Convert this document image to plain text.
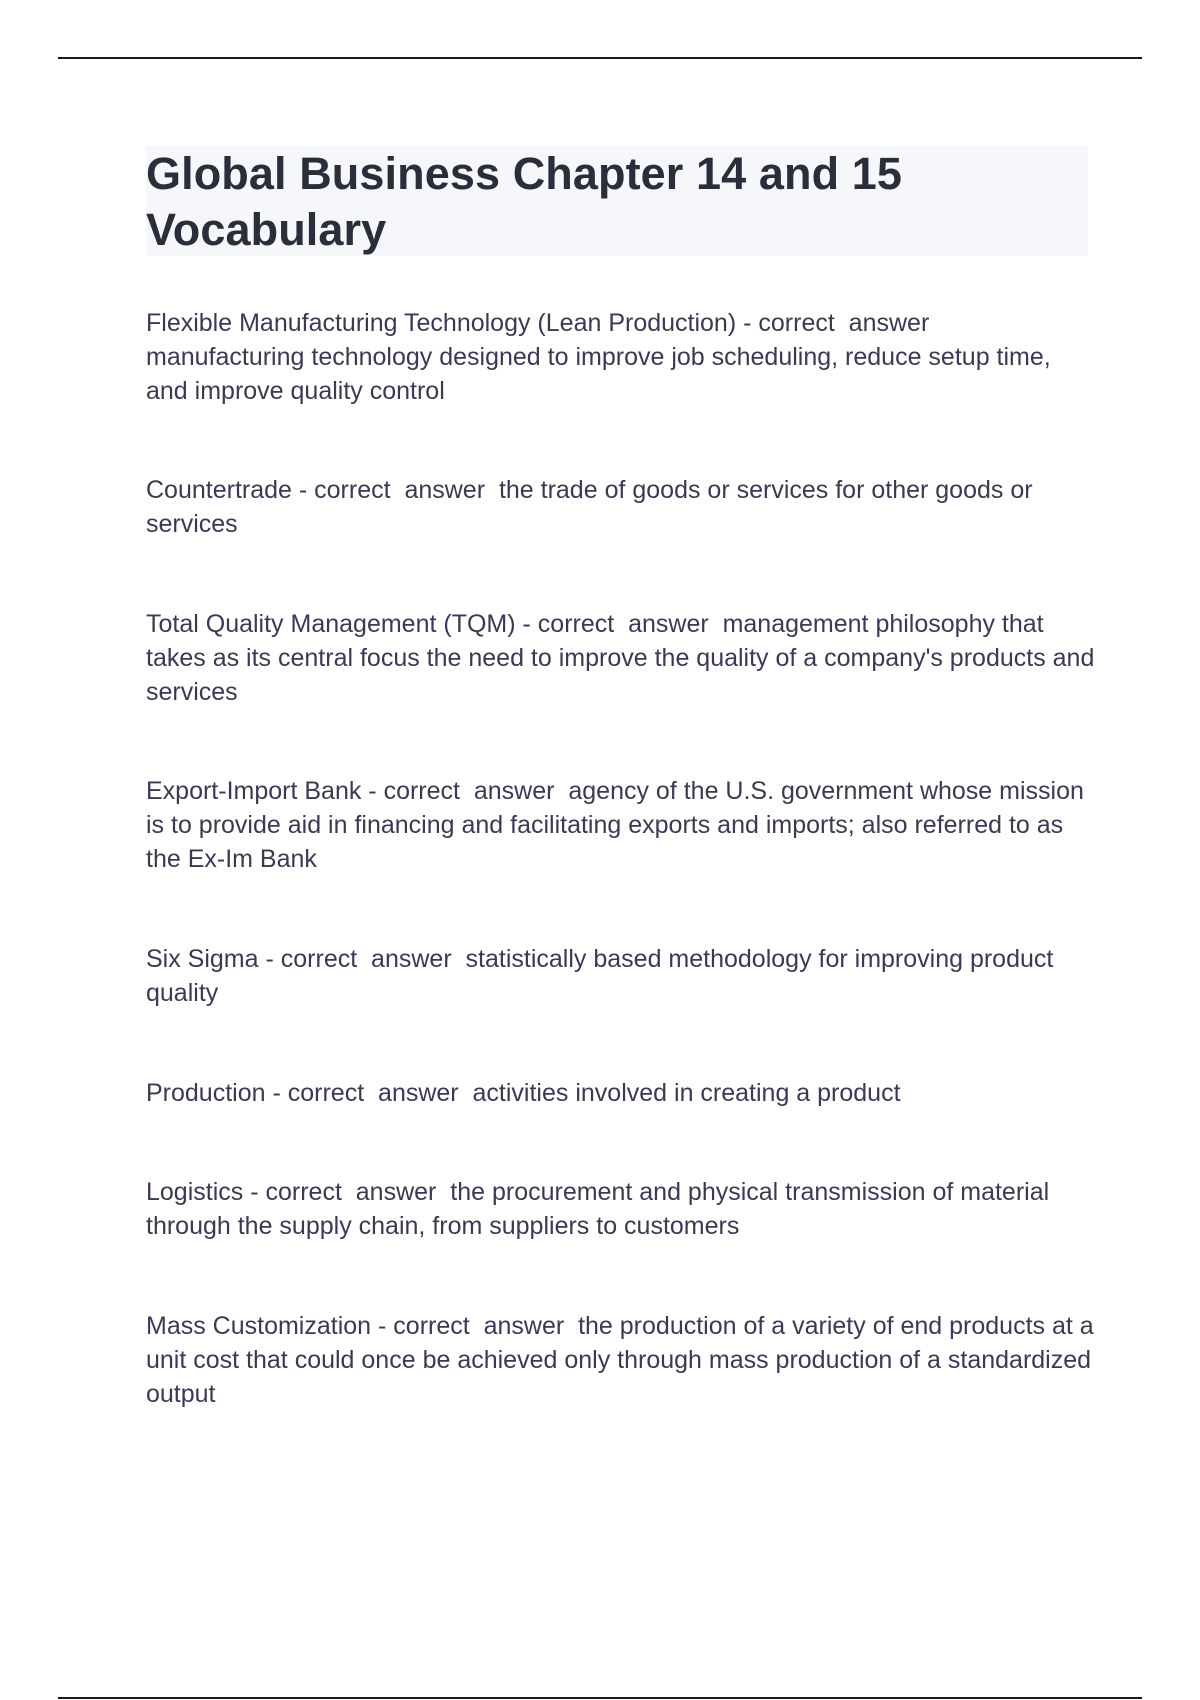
Global Business Chapter 14 and 15 Vocabulary

Flexible Manufacturing Technology (Lean Production) - correct  answer  manufacturing technology designed to improve job scheduling, reduce setup time, and improve quality control

Countertrade - correct  answer  the trade of goods or services for other goods or services

Total Quality Management (TQM) - correct  answer  management philosophy that takes as its central focus the need to improve the quality of a company's products and services

Export-Import Bank - correct  answer  agency of the U.S. government whose mission is to provide aid in financing and facilitating exports and imports; also referred to as the Ex-Im Bank

Six Sigma - correct  answer  statistically based methodology for improving product quality

Production - correct  answer  activities involved in creating a product

Logistics - correct  answer  the procurement and physical transmission of material through the supply chain, from suppliers to customers

Mass Customization - correct  answer  the production of a variety of end products at a unit cost that could once be achieved only through mass production of a standardized output
